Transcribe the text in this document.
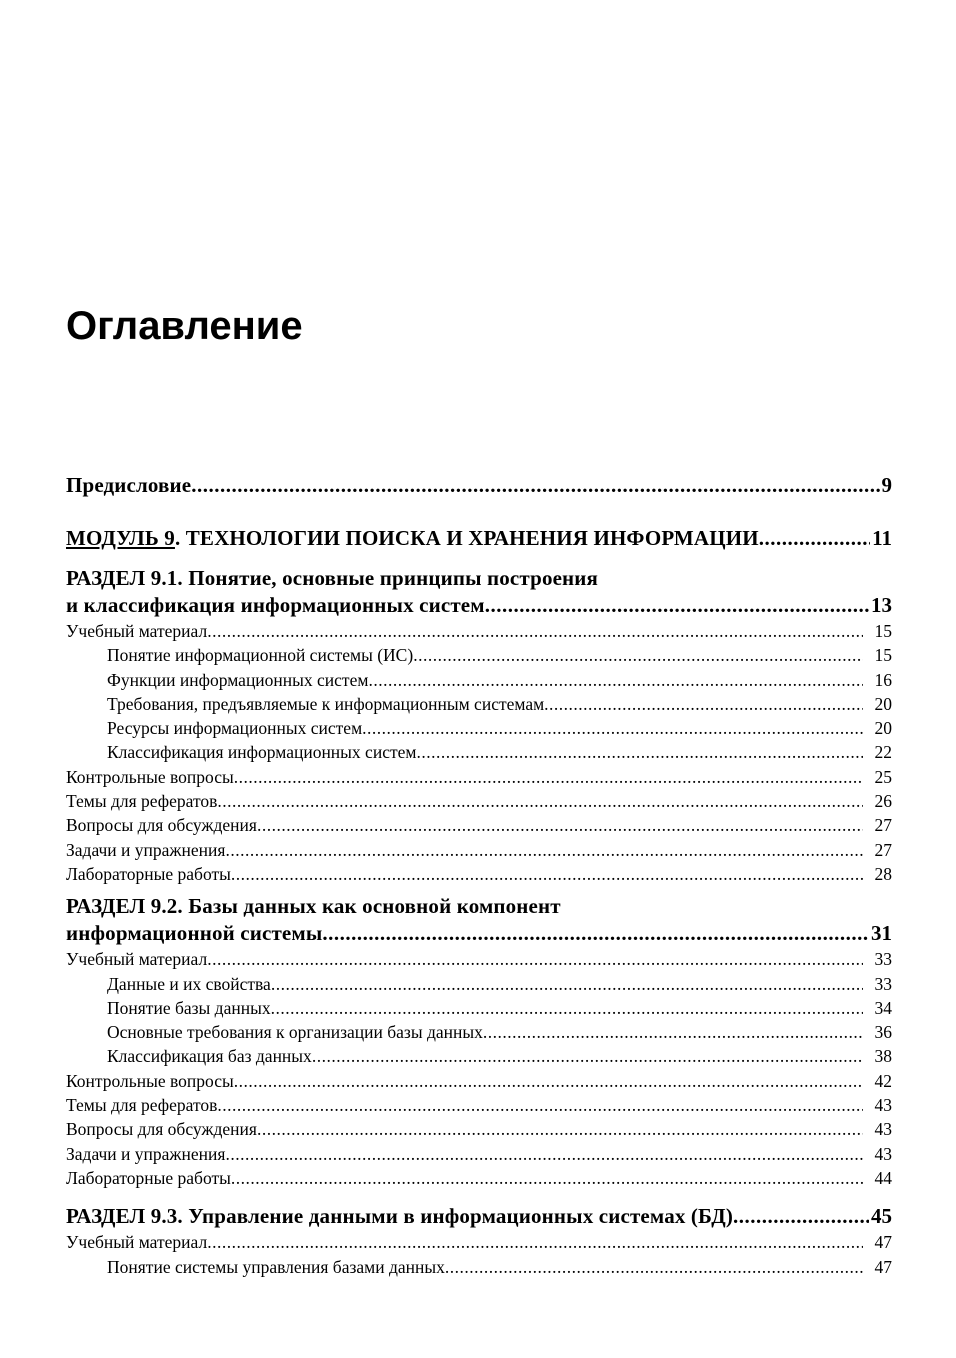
Оглавление
Предисловие .....	9
МОДУЛЬ 9. ТЕХНОЛОГИИ ПОИСКА И ХРАНЕНИЯ ИНФОРМАЦИИ .....	11
РАЗДЕЛ 9.1. Понятие, основные принципы построения
и классификация информационных систем .....	13
Учебный материал .....	15
Понятие информационной системы (ИС) .....	15
Функции информационных систем .....	16
Требования, предъявляемые к информационным системам .....	20
Ресурсы информационных систем .....	20
Классификация информационных систем .....	22
Контрольные вопросы .....	25
Темы для рефератов .....	26
Вопросы для обсуждения .....	27
Задачи и упражнения .....	27
Лабораторные работы .....	28
РАЗДЕЛ 9.2. Базы данных как основной компонент
информационной системы .....	31
Учебный материал .....	33
Данные и их свойства .....	33
Понятие базы данных .....	34
Основные требования к организации базы данных .....	36
Классификация баз данных .....	38
Контрольные вопросы .....	42
Темы для рефератов .....	43
Вопросы для обсуждения .....	43
Задачи и упражнения .....	43
Лабораторные работы .....	44
РАЗДЕЛ 9.3. Управление данными в информационных системах (БД) .....	45
Учебный материал .....	47
Понятие системы управления базами данных .....	47
